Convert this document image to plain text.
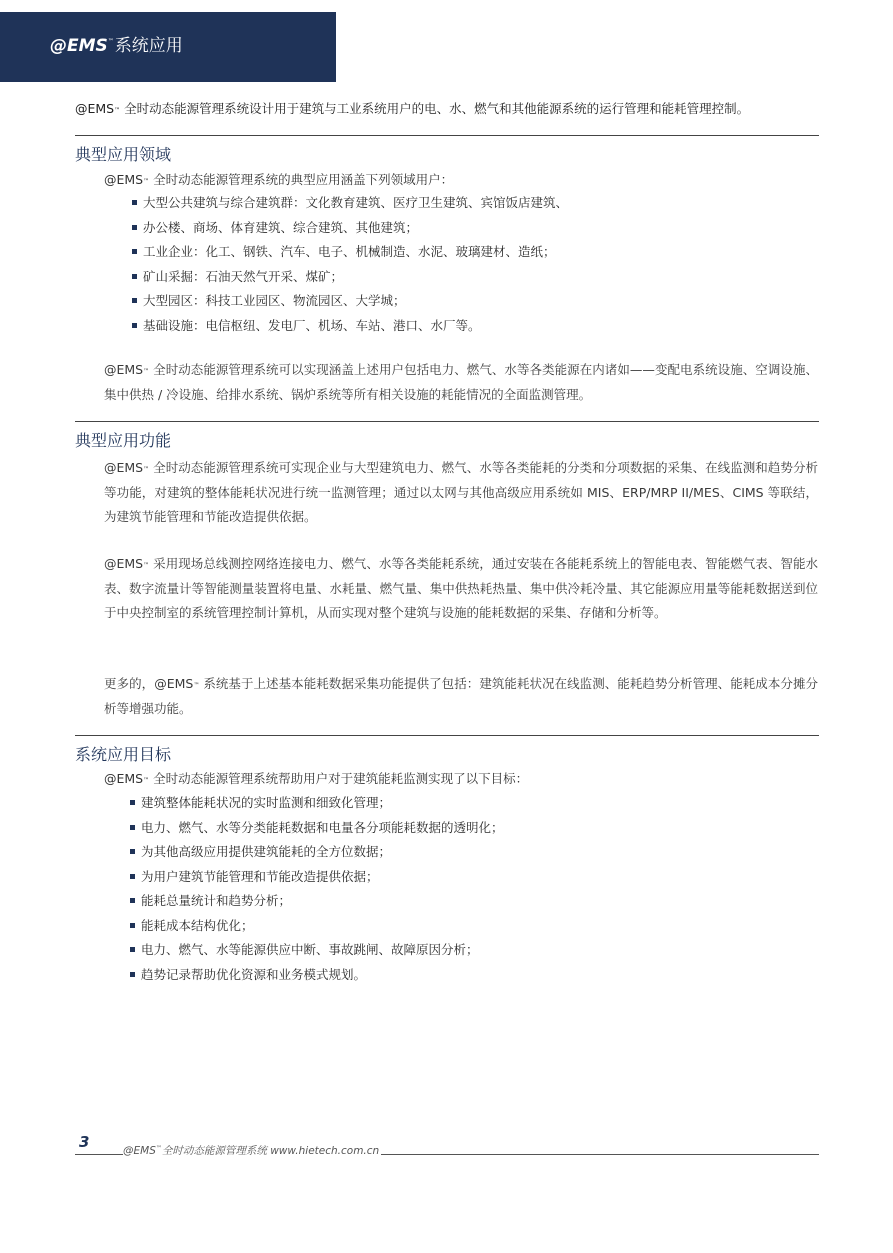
@EMS™系统应用
@EMS™ 全时动态能源管理系统设计用于建筑与工业系统用户的电、水、燃气和其他能源系统的运行管理和能耗管理控制。
典型应用领域
@EMS™ 全时动态能源管理系统的典型应用涵盖下列领域用户：
大型公共建筑与综合建筑群：文化教育建筑、医疗卫生建筑、宾馆饭店建筑、
办公楼、商场、体育建筑、综合建筑、其他建筑；
工业企业：化工、钢铁、汽车、电子、机械制造、水泥、玻璃建材、造纸；
矿山采掘：石油天然气开采、煤矿；
大型园区：科技工业园区、物流园区、大学城；
基础设施：电信枢纽、发电厂、机场、车站、港口、水厂等。
@EMS™ 全时动态能源管理系统可以实现涵盖上述用户包括电力、燃气、水等各类能源在内诸如——变配电系统设施、空调设施、集中供热 / 冷设施、给排水系统、锅炉系统等所有相关设施的耗能情况的全面监测管理。
典型应用功能
@EMS™ 全时动态能源管理系统可实现企业与大型建筑电力、燃气、水等各类能耗的分类和分项数据的采集、在线监测和趋势分析等功能，对建筑的整体能耗状况进行统一监测管理；通过以太网与其他高级应用系统如 MIS、ERP/MRP II/MES、CIMS 等联结，为建筑节能管理和节能改造提供依据。
@EMS™ 采用现场总线测控网络连接电力、燃气、水等各类能耗系统，通过安装在各能耗系统上的智能电表、智能燃气表、智能水表、数字流量计等智能测量装置将电量、水耗量、燃气量、集中供热耗热量、集中供冷耗冷量、其它能源应用量等能耗数据送到位于中央控制室的系统管理控制计算机，从而实现对整个建筑与设施的能耗数据的采集、存储和分析等。
更多的，@EMS™ 系统基于上述基本能耗数据采集功能提供了包括：建筑能耗状况在线监测、能耗趋势分析管理、能耗成本分摊分析等增强功能。
系统应用目标
@EMS™ 全时动态能源管理系统帮助用户对于建筑能耗监测实现了以下目标：
建筑整体能耗状况的实时监测和细致化管理；
电力、燃气、水等分类能耗数据和电量各分项能耗数据的透明化；
为其他高级应用提供建筑能耗的全方位数据；
为用户建筑节能管理和节能改造提供依据；
能耗总量统计和趋势分析；
能耗成本结构优化；
电力、燃气、水等能源供应中断、事故跳闸、故障原因分析；
趋势记录帮助优化资源和业务模式规划。
3	@EMS™全时动态能源管理系统 www.hietech.com.cn
